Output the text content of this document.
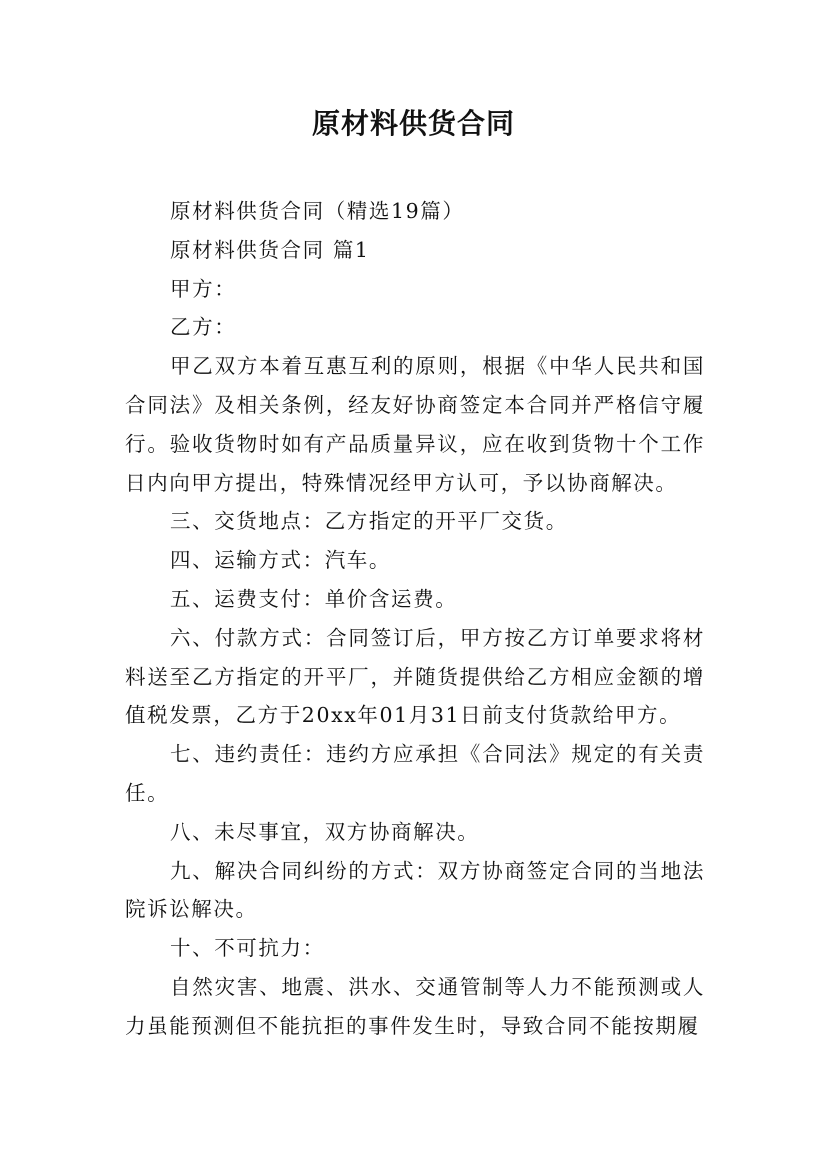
原材料供货合同

原材料供货合同（精选19篇）

原材料供货合同 篇1

甲方：

乙方：

甲乙双方本着互惠互利的原则，根据《中华人民共和国合同法》及相关条例，经友好协商签定本合同并严格信守履行。验收货物时如有产品质量异议，应在收到货物十个工作日内向甲方提出，特殊情况经甲方认可，予以协商解决。

三、交货地点：乙方指定的开平厂交货。

四、运输方式：汽车。

五、运费支付：单价含运费。

六、付款方式：合同签订后，甲方按乙方订单要求将材料送至乙方指定的开平厂，并随货提供给乙方相应金额的增值税发票，乙方于20xx年01月31日前支付货款给甲方。

七、违约责任：违约方应承担《合同法》规定的有关责任。

八、未尽事宜，双方协商解决。

九、解决合同纠纷的方式：双方协商签定合同的当地法院诉讼解决。

十、不可抗力：

自然灾害、地震、洪水、交通管制等人力不能预测或人力虽能预测但不能抗拒的事件发生时，导致合同不能按期履
